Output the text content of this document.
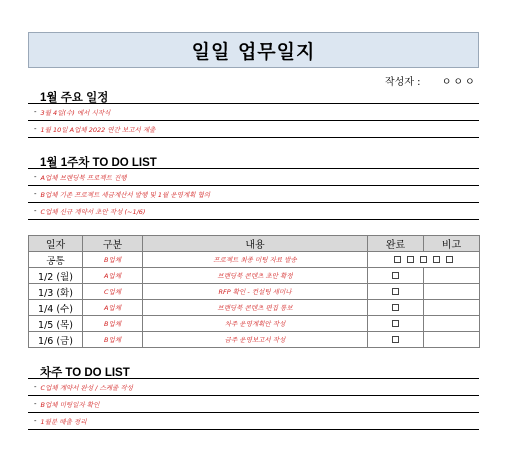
일일 업무일지
작성자 : ㅇㅇㅇ
1월 주요 일정
- 3월 4일(수) 에서 시작식
- 1월 10일 A업체 2022 연간 보고서 제출
1월 1주차 TO DO LIST
- A업체 브랜딩북 프로젝트 진행
- B업체 기존 프로젝트 세금계산서 발행 및 1월 운영계획 협의
- C업체 신규 계약서 초안 작성 (~1/6)
일자	구분	내용	완료	비고
공통	B업체	프로젝트 최종 미팅 자료 발송		
1/2 (월)	A업체	브랜딩북 콘텐츠 초안 확정		
1/3 (화)	C업체	RFP 확인 - 컨설팅 세미나		
1/4 (수)	A업체	브랜딩북 콘텐츠 편집 통보		
1/5 (목)	B업체	차주 운영계획안 작성		
1/6 (금)	B업체	금주 운영보고서 작성		
차주 TO DO LIST
- C업체 계약서 완성 / 스케줄 작성
- B업체 미팅일자 확인
- 1월분 매출 정리
